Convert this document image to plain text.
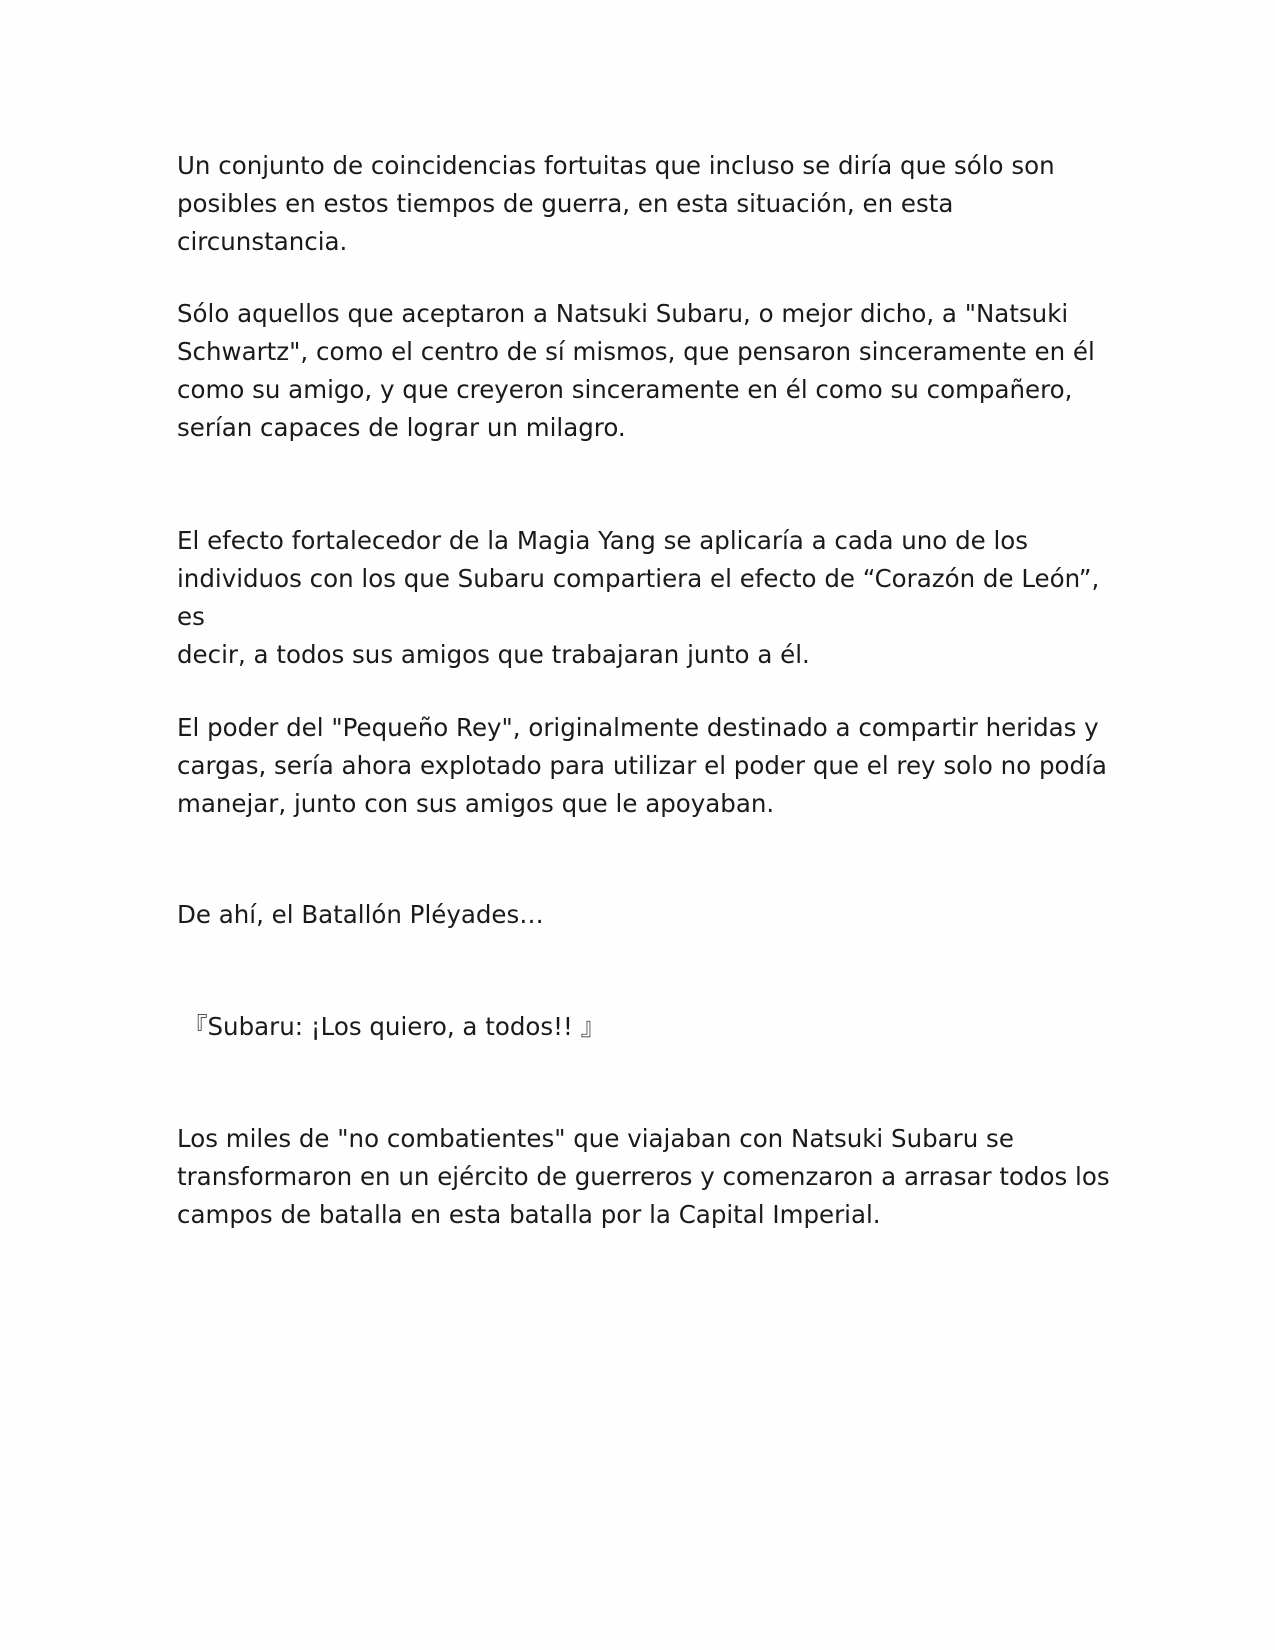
Un conjunto de coincidencias fortuitas que incluso se diría que sólo son
posibles en estos tiempos de guerra, en esta situación, en esta circunstancia.

Sólo aquellos que aceptaron a Natsuki Subaru, o mejor dicho, a "Natsuki
Schwartz", como el centro de sí mismos, que pensaron sinceramente en él
como su amigo, y que creyeron sinceramente en él como su compañero,
serían capaces de lograr un milagro.

El efecto fortalecedor de la Magia Yang se aplicaría a cada uno de los
individuos con los que Subaru compartiera el efecto de “Corazón de León”, es
decir, a todos sus amigos que trabajaran junto a él.

El poder del "Pequeño Rey", originalmente destinado a compartir heridas y
cargas, sería ahora explotado para utilizar el poder que el rey solo no podía
manejar, junto con sus amigos que le apoyaban.

De ahí, el Batallón Pléyades…

『Subaru: ¡Los quiero, a todos!! 』

Los miles de "no combatientes" que viajaban con Natsuki Subaru se
transformaron en un ejército de guerreros y comenzaron a arrasar todos los
campos de batalla en esta batalla por la Capital Imperial.
